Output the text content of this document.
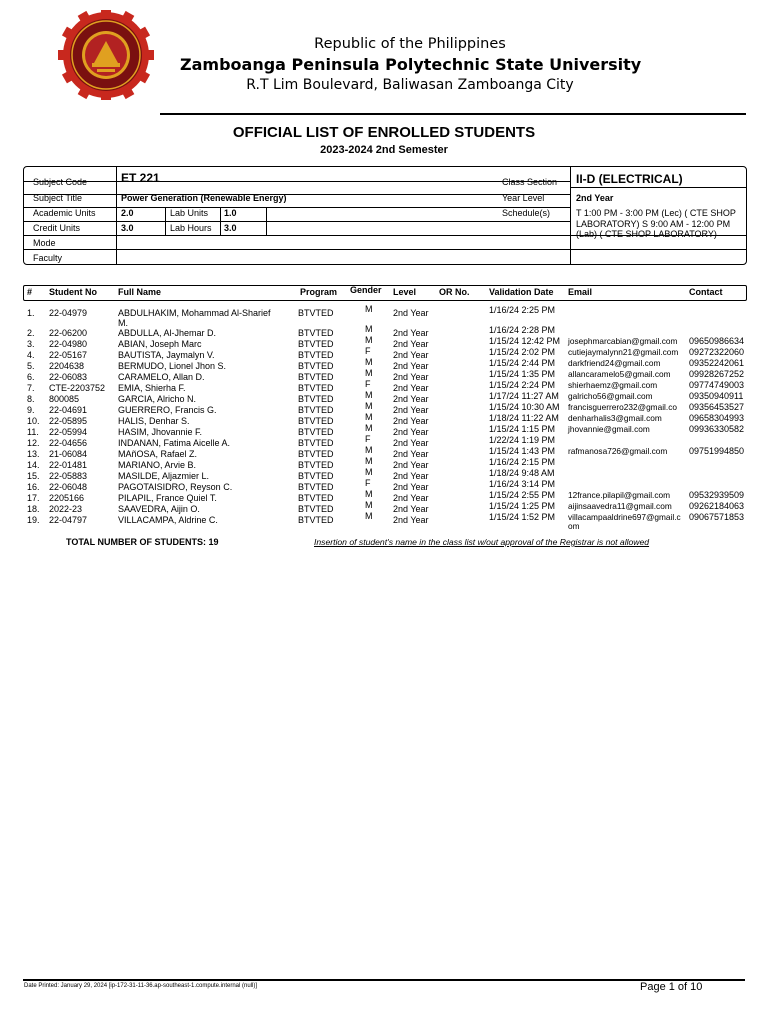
Republic of the Philippines
Zamboanga Peninsula Polytechnic State University
R.T Lim Boulevard, Baliwasan Zamboanga City
OFFICIAL LIST OF ENROLLED STUDENTS
2023-2024 2nd Semester
Subject Code	ET 221
Subject Title	Power Generation (Renewable Energy)
Academic Units	2.0	Lab Units 1.0
Credit Units	3.0	Lab Hours 3.0
Mode
Faculty
Class Section II-D (ELECTRICAL)
Year Level	2nd Year
Schedule(s)	T 1:00 PM - 3:00 PM (Lec) ( CTE SHOP LABORATORY) S 9:00 AM - 12:00 PM (Lab) ( CTE SHOP LABORATORY)
# Student No Full Name	Program Gender Level	OR No. Validation Date Email	Contact
1. 22-04979	ABDULHAKIM, Mohammad Al-Sharief	BTVTED	M 2nd Year	1/16/24 2:25 PM
M.
2. 22-06200	ABDULLA, Al-Jhemar D.	BTVTED	M 2nd Year	1/16/24 2:28 PM
3. 22-04980	ABIAN, Joseph Marc	BTVTED	M 2nd Year	1/15/24 12:42 PM josephmarcabian@gmail.com 09650986634
4. 22-05167	BAUTISTA, Jaymalyn V.	BTVTED	F	2nd Year	1/15/24 2:02 PM cutiejaymalynn21@gmail.com 09272322060
5. 2204638	BERMUDO, Lionel Jhon S.	BTVTED	M 2nd Year	1/15/24 2:44 PM darkfriend24@gmail.com	09352242061
6. 22-06083	CARAMELO, Allan D.	BTVTED	M 2nd Year	1/15/24 1:35 PM allancaramelo5@gmail.com 09928267252
7. CTE-2203752 EMIA, Shierha F.	BTVTED	F	2nd Year	1/15/24 2:24 PM shierhaemz@gmail.com	09774749003
8. 800085	GARCIA, Alricho N.	BTVTED	M 2nd Year	1/17/24 11:27 AM galricho56@gmail.com	09350940911
9. 22-04691	GUERRERO, Francis G.	BTVTED	M 2nd Year	1/15/24 10:30 AM francisguerrero232@gmail.co 09356453527
10. 22-05895	HALIS, Denhar S.	BTVTED	M 2nd Year	1/18/24 11:22 AM denharhalis3@gmail.com	09658304993
11. 22-05994	HASIM, Jhovannie F.	BTVTED	M 2nd Year	1/15/24 1:15 PM jhovannie@gmail.com	09936330582
12. 22-04656	INDANAN, Fatima Aicelle A.	BTVTED	F	2nd Year	1/22/24 1:19 PM
13. 21-06084	MAñOSA, Rafael Z.	BTVTED	M 2nd Year	1/15/24 1:43 PM rafmanosa726@gmail.com 09751994850
14. 22-01481	MARIANO, Arvie B.	BTVTED	M 2nd Year	1/16/24 2:15 PM
15. 22-05883	MASILDE, Aljazmier L.	BTVTED	M 2nd Year	1/18/24 9:48 AM
16. 22-06048	PAGOTAISIDRO, Reyson C.	BTVTED	F	2nd Year	1/16/24 3:14 PM
17. 2205166	PILAPIL, France Quiel T.	BTVTED	M 2nd Year	1/15/24 2:55 PM 12france.pilapil@gmail.com 09532939509
18. 2022-23	SAAVEDRA, Aijin O.	BTVTED	M 2nd Year	1/15/24 1:25 PM aijinsaavedra11@gmail.com 09262184063
19. 22-04797	VILLACAMPA, Aldrine C.	BTVTED	M 2nd Year	1/15/24 1:52 PM villacampaaldrine697@gmail.c 09067571853
om
TOTAL NUMBER OF STUDENTS: 19	Insertion of student's name in the class list w/out approval of the Registrar is not allowed
Date Printed: January 29, 2024 [ip-172-31-11-36.ap-southeast-1.compute.internal (null)]	Page 1 of 10
